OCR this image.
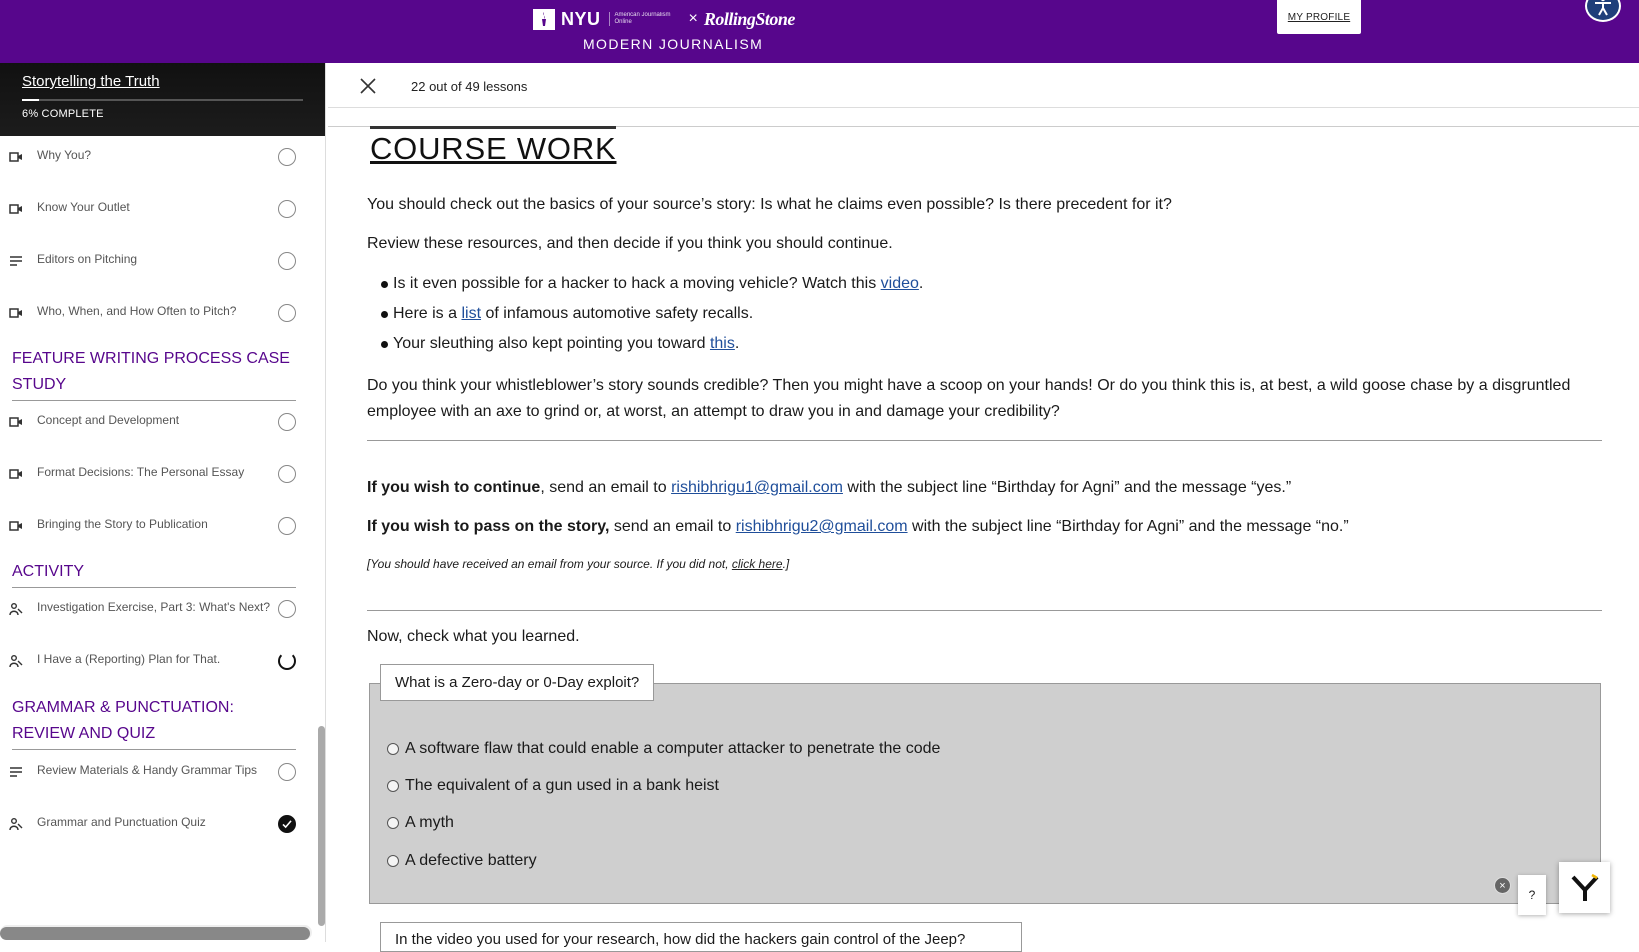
NYU	American Journalism Online	× RollingStone
MODERN JOURNALISM
MY PROFILE
Storytelling the Truth
6% COMPLETE
Why You?
Know Your Outlet
Editors on Pitching
Who, When, and How Often to Pitch?
FEATURE WRITING PROCESS CASE STUDY
Concept and Development
Format Decisions: The Personal Essay
Bringing the Story to Publication
ACTIVITY
Investigation Exercise, Part 3: What's Next?
I Have a (Reporting) Plan for That.
GRAMMAR & PUNCTUATION: REVIEW AND QUIZ
Review Materials & Handy Grammar Tips
Grammar and Punctuation Quiz
22 out of 49 lessons
COURSE WORK
You should check out the basics of your source’s story: Is what he claims even possible? Is there precedent for it?
Review these resources, and then decide if you think you should continue.
Is it even possible for a hacker to hack a moving vehicle? Watch this video.
Here is a list of infamous automotive safety recalls.
Your sleuthing also kept pointing you toward this.
Do you think your whistleblower’s story sounds credible? Then you might have a scoop on your hands! Or do you think this is, at best, a wild goose chase by a disgruntled
employee with an axe to grind or, at worst, an attempt to draw you in and damage your credibility?
If you wish to continue, send an email to rishibhrigu1@gmail.com with the subject line “Birthday for Agni” and the message “yes.”
If you wish to pass on the story, send an email to rishibhrigu2@gmail.com with the subject line “Birthday for Agni” and the message “no.”
[You should have received an email from your source. If you did not, click here.]
Now, check what you learned.
What is a Zero-day or 0-Day exploit?
A software flaw that could enable a computer attacker to penetrate the code
The equivalent of a gun used in a bank heist
A myth
A defective battery
In the video you used for your research, how did the hackers gain control of the Jeep?
×
?
